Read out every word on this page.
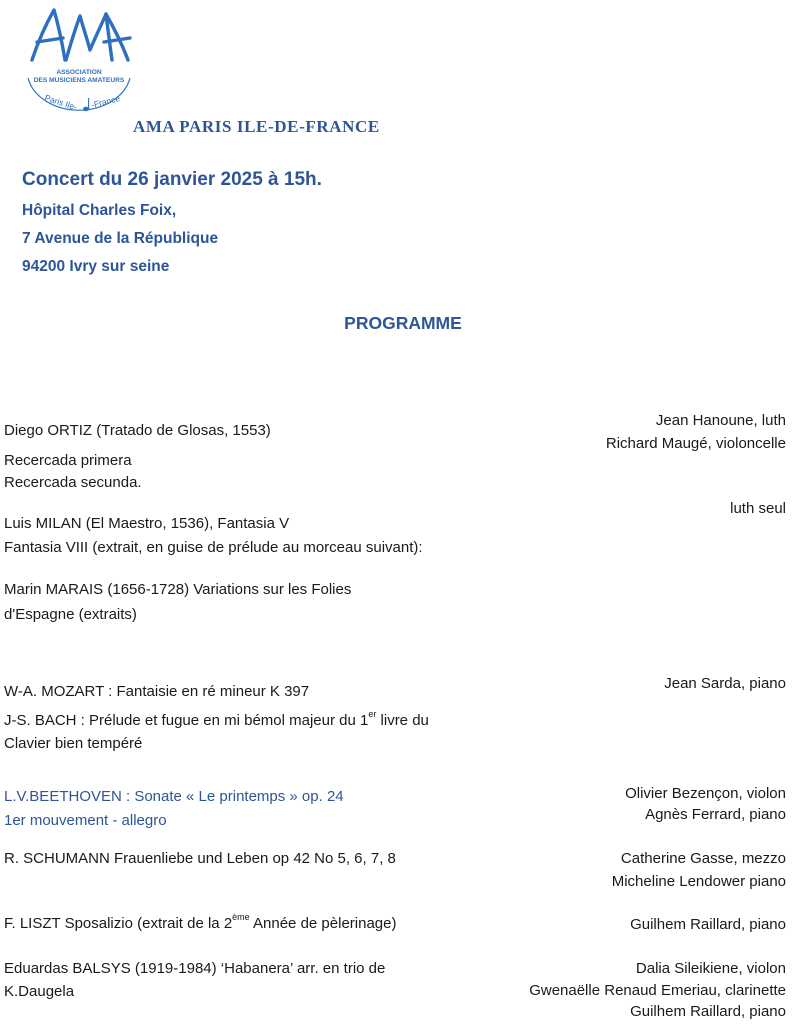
ASSOCIATION
DES MUSICIENS AMATEURS
Paris Ile- -France
AMA PARIS ILE-DE-FRANCE
Concert du 26 janvier 2025 à 15h.
Hôpital Charles Foix,
7 Avenue de la République
94200 Ivry sur seine
PROGRAMME
Diego ORTIZ (Tratado de Glosas, 1553)
Recercada primera
Recercada secunda.
Luis MILAN (El Maestro, 1536), Fantasia V
Fantasia VIII (extrait, en guise de prélude au morceau suivant):
Marin MARAIS (1656-1728) Variations sur les Folies
d'Espagne (extraits)
W-A. MOZART : Fantaisie en ré mineur K 397
J-S. BACH : Prélude et fugue en mi bémol majeur du 1er livre du
Clavier bien tempéré
L.V.BEETHOVEN : Sonate « Le printemps » op. 24
1er mouvement - allegro
R. SCHUMANN Frauenliebe und Leben op 42 No 5, 6, 7, 8
F. LISZT Sposalizio (extrait de la 2ème Année de pèlerinage)
Eduardas BALSYS (1919-1984) ‘Habanera’ arr. en trio de
K.Daugela
Jean Hanoune, luth
Richard Maugé, violoncelle
luth seul
Jean Sarda, piano
Olivier Bezençon, violon
Agnès Ferrard, piano
Catherine Gasse, mezzo
Micheline Lendower piano
Guilhem Raillard, piano
Dalia Sileikiene, violon
Gwenaëlle Renaud Emeriau, clarinette
Guilhem Raillard, piano
